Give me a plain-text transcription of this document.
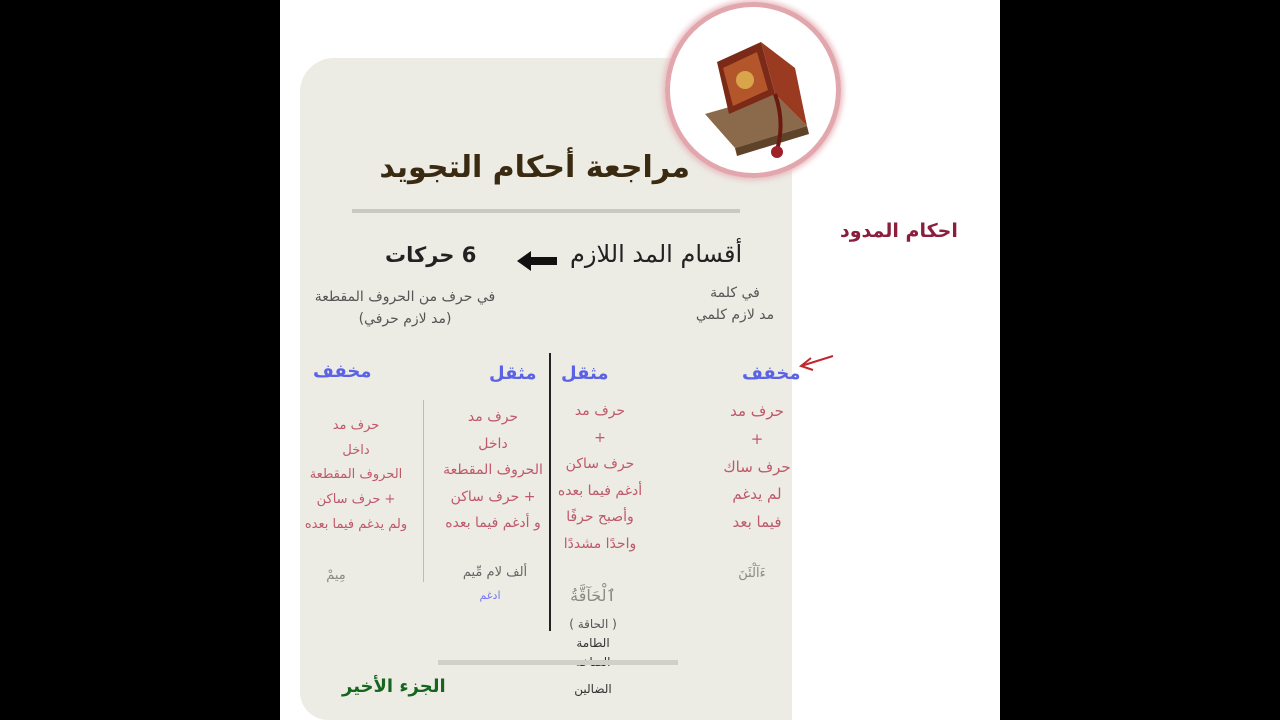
مراجعة أحكام التجويد
أقسام المد اللازم
6 حركات
في حرف من الحروف المقطعة
(مد لازم حرفي)
في كلمة
مد لازم كلمي
مخفف
مثقل
مثقل
مخفف
حرف مد
+
حرف ساك
لم يدغم
فيما بعد
حرف مد
+
حرف ساكن
أدغم فيما بعده
وأصبح حرفًا
واحدًا مشددًا
حرف مد
داخل
الحروف المقطعة
+ حرف ساكن
و أدغم فيما بعده
حرف مد
داخل
الحروف المقطعة
+ حرف ساكن
ولم يدغم فيما بعده
ءَآلْئَنَ
ٱلْحَآقَّةُ
( الحاقة )
الطامة
الضالين
ألف لام مِّيم
ادغم
مِيمْ
الجزء الأخير
احكام المدود
